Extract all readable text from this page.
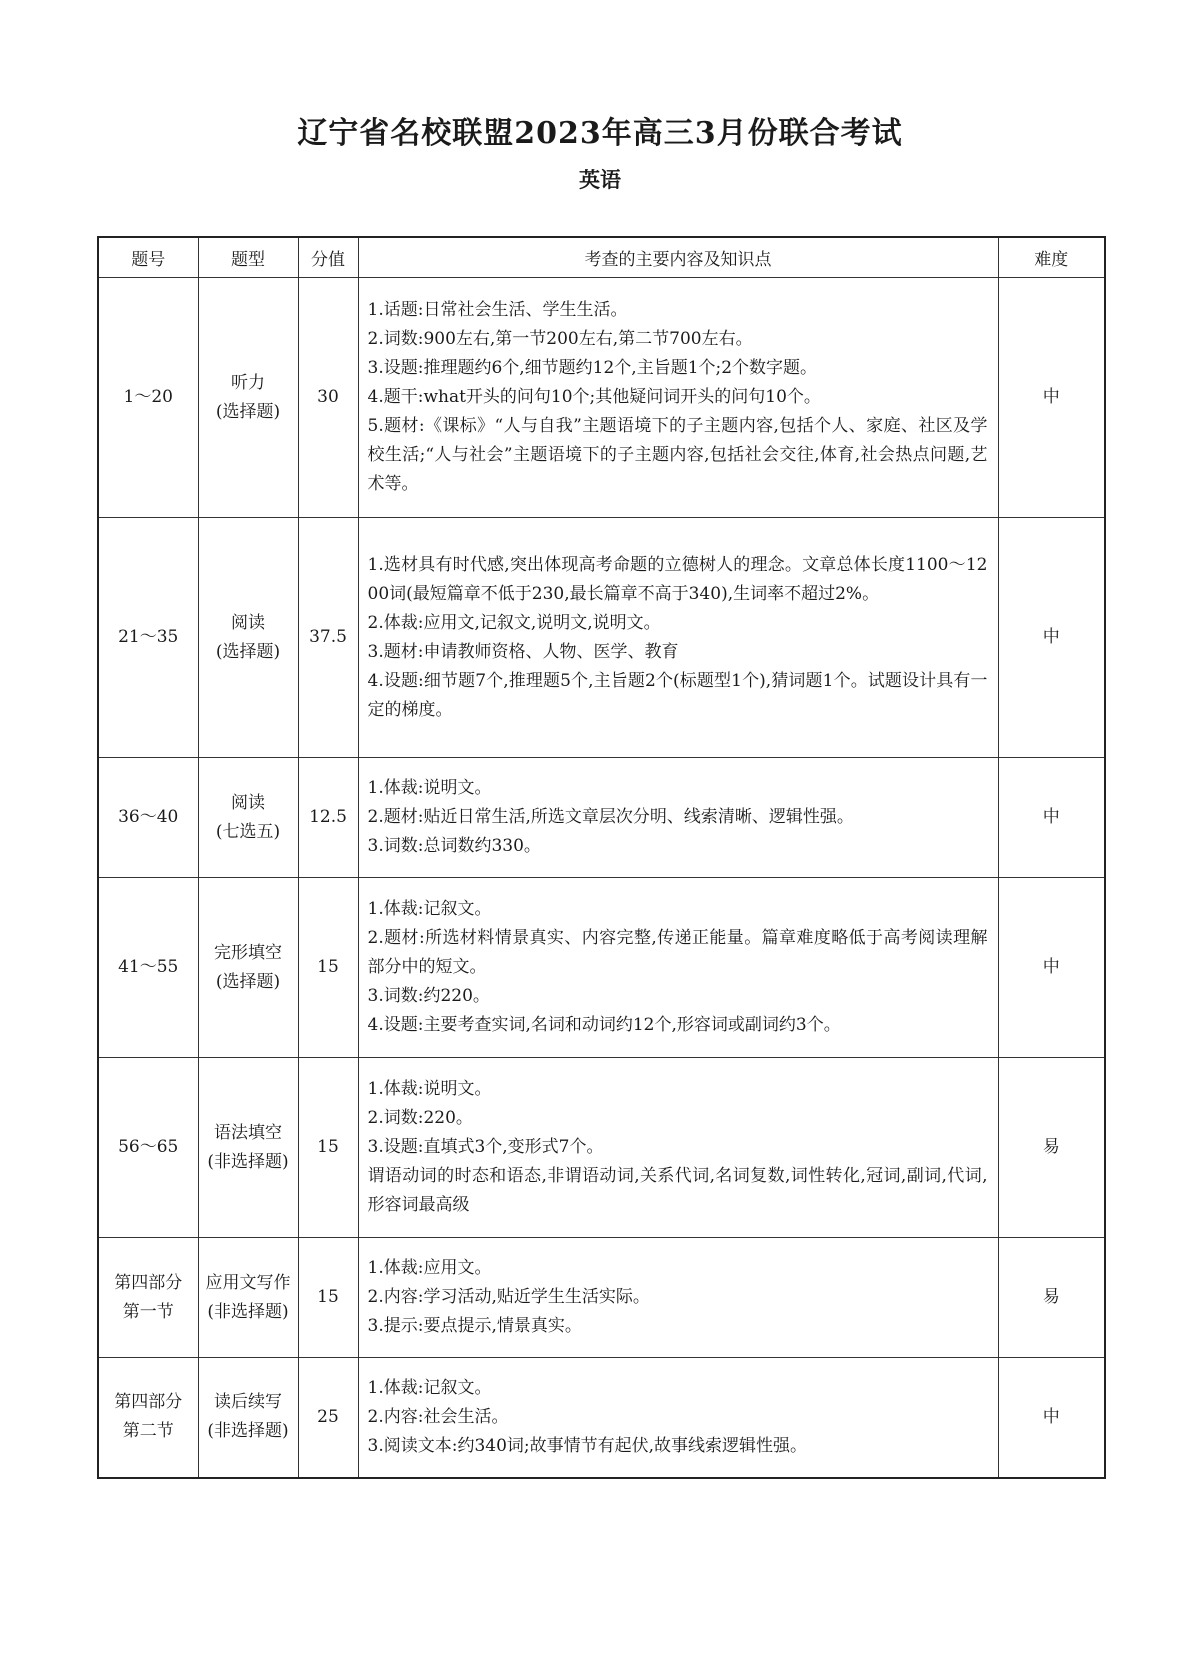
辽宁省名校联盟2023年高三3月份联合考试
英语
题号	题型	分值	考查的主要内容及知识点	难度
1～20	听力
(选择题)	30	1.话题:日常社会生活、学生生活。
2.词数:900左右,第一节200左右,第二节700左右。
3.设题:推理题约6个,细节题约12个,主旨题1个;2个数字题。
4.题干:what开头的问句10个;其他疑问词开头的问句10个。
5.题材:《课标》“人与自我”主题语境下的子主题内容,包括个人、家庭、社区及学校生活;“人与社会”主题语境下的子主题内容,包括社会交往,体育,社会热点问题,艺术等。	中
21～35	阅读
(选择题)	37.5	1.选材具有时代感,突出体现高考命题的立德树人的理念。文章总体长度1100～1200词(最短篇章不低于230,最长篇章不高于340),生词率不超过2%。
2.体裁:应用文,记叙文,说明文,说明文。
3.题材:申请教师资格、人物、医学、教育
4.设题:细节题7个,推理题5个,主旨题2个(标题型1个),猜词题1个。试题设计具有一定的梯度。	中
36～40	阅读
(七选五)	12.5	1.体裁:说明文。
2.题材:贴近日常生活,所选文章层次分明、线索清晰、逻辑性强。
3.词数:总词数约330。	中
41～55	完形填空
(选择题)	15	1.体裁:记叙文。
2.题材:所选材料情景真实、内容完整,传递正能量。篇章难度略低于高考阅读理解部分中的短文。
3.词数:约220。
4.设题:主要考查实词,名词和动词约12个,形容词或副词约3个。	中
56～65	语法填空
(非选择题)	15	1.体裁:说明文。
2.词数:220。
3.设题:直填式3个,变形式7个。
谓语动词的时态和语态,非谓语动词,关系代词,名词复数,词性转化,冠词,副词,代词,形容词最高级	易

第四部分
第一节	应用文写作
(非选择题)	15	1.体裁:应用文。
2.内容:学习活动,贴近学生生活实际。
3.提示:要点提示,情景真实。	易

第四部分
第二节	读后续写
(非选择题)	25	1.体裁:记叙文。
2.内容:社会生活。
3.阅读文本:约340词;故事情节有起伏,故事线索逻辑性强。	中
